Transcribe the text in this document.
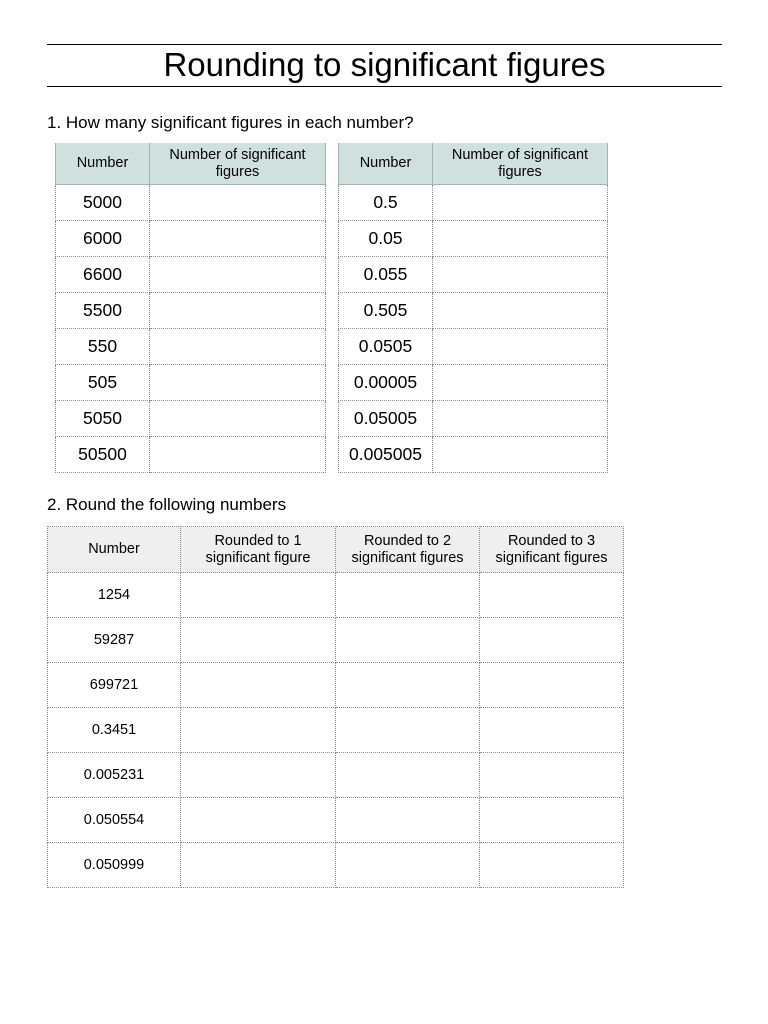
Rounding to significant figures
1. How many significant figures in each number?
Number	Number of significant figures
5000	
6000	
6600	
5500	
550	
505	
5050	
50500	
Number	Number of significant figures
0.5	
0.05	
0.055	
0.505	
0.0505	
0.00005	
0.05005	
0.005005	
2. Round the following numbers
Number	Rounded to 1 significant figure	Rounded to 2 significant figures	Rounded to 3 significant figures
1254			
59287			
699721			
0.3451			
0.005231			
0.050554			
0.050999			
